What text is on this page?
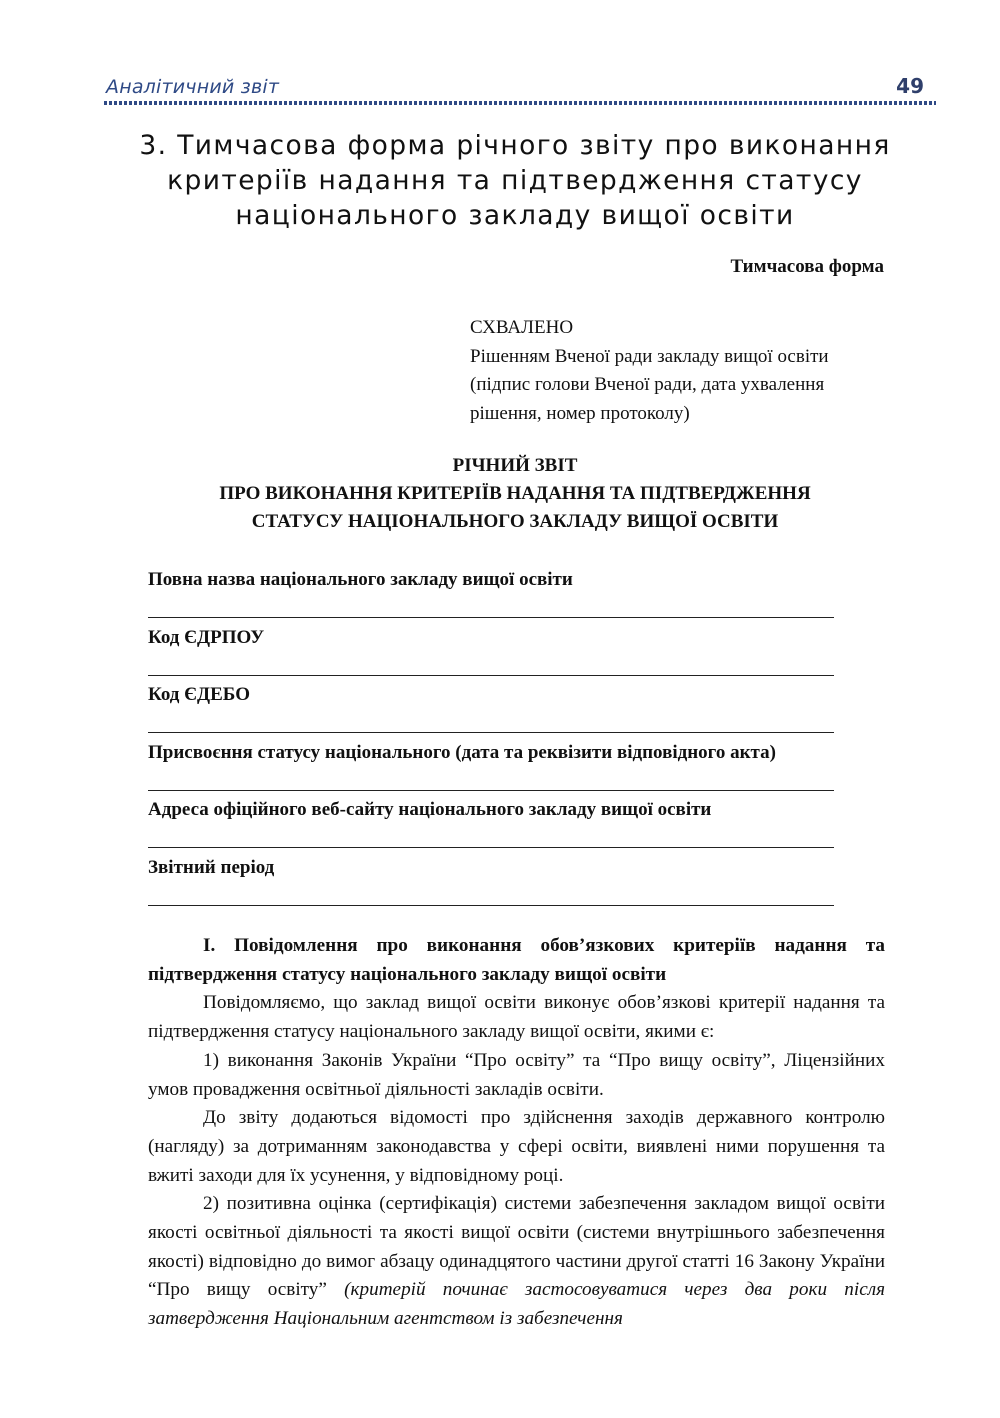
Аналітичний звіт	49
3. Тимчасова форма річного звіту про виконання
критеріїв надання та підтвердження статусу
національного закладу вищої освіти
Тимчасова форма
СХВАЛЕНО
Рішенням Вченої ради закладу вищої освіти
(підпис голови Вченої ради, дата ухвалення
рішення, номер протоколу)
РІЧНИЙ ЗВІТ
ПРО ВИКОНАННЯ КРИТЕРІЇВ НАДАННЯ ТА ПІДТВЕРДЖЕННЯ
СТАТУСУ НАЦІОНАЛЬНОГО ЗАКЛАДУ ВИЩОЇ ОСВІТИ
Повна назва національного закладу вищої освіти
Код ЄДРПОУ
Код ЄДЕБО
Присвоєння статусу національного (дата та реквізити відповідного акта)
Адреса офіційного веб-сайту національного закладу вищої освіти
Звітний період

І. Повідомлення про виконання обов’язкових критеріїв надання та підтвердження статусу національного закладу вищої освіти

Повідомляємо, що заклад вищої освіти виконує обов’язкові критерії надання та підтвердження статусу національного закладу вищої освіти, якими є:

1) виконання Законів України “Про освіту” та “Про вищу освіту”, Ліцензійних умов провадження освітньої діяльності закладів освіти.

До звіту додаються відомості про здійснення заходів державного контролю (нагляду) за дотриманням законодавства у сфері освіти, виявлені ними порушення та вжиті заходи для їх усунення, у відповідному році.

2) позитивна оцінка (сертифікація) системи забезпечення закладом вищої освіти якості освітньої діяльності та якості вищої освіти (системи внутрішнього забезпечення якості) відповідно до вимог абзацу одинадцятого частини другої статті 16 Закону України “Про вищу освіту” (критерій починає застосовуватися через два роки після затвердження Національним агентством із забезпечення
